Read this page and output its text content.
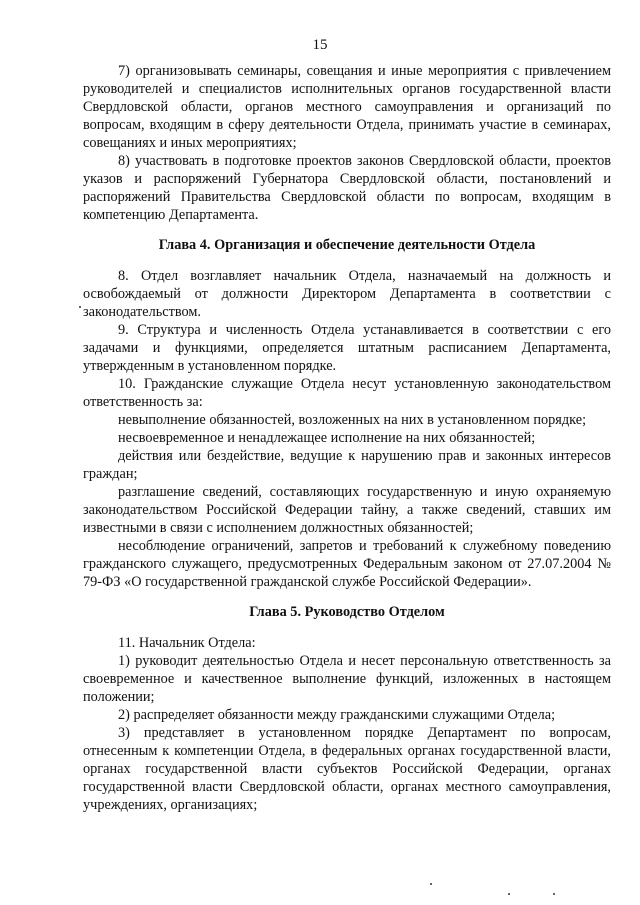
15

7) организовывать семинары, совещания и иные мероприятия с привлечением руководителей и специалистов исполнительных органов государственной власти Свердловской области, органов местного самоуправления и организаций по вопросам, входящим в сферу деятельности Отдела, принимать участие в семинарах, совещаниях и иных мероприятиях;

8) участвовать в подготовке проектов законов Свердловской области, проектов указов и распоряжений Губернатора Свердловской области, постановлений и распоряжений Правительства Свердловской области по вопросам, входящим в компетенцию Департамента.

Глава 4. Организация и обеспечение деятельности Отдела

8. Отдел возглавляет начальник Отдела, назначаемый на должность и освобождаемый от должности Директором Департамента в соответствии с законодательством.

9. Структура и численность Отдела устанавливается в соответствии с его задачами и функциями, определяется штатным расписанием Департамента, утвержденным в установленном порядке.

10. Гражданские служащие Отдела несут установленную законодательством ответственность за:

невыполнение обязанностей, возложенных на них в установленном порядке;

несвоевременное и ненадлежащее исполнение на них обязанностей;

действия или бездействие, ведущие к нарушению прав и законных интересов граждан;

разглашение сведений, составляющих государственную и иную охраняемую законодательством Российской Федерации тайну, а также сведений, ставших им известными в связи с исполнением должностных обязанностей;

несоблюдение ограничений, запретов и требований к служебному поведению гражданского служащего, предусмотренных Федеральным законом от 27.07.2004 № 79-ФЗ «О государственной гражданской службе Российской Федерации».

Глава 5. Руководство Отделом

11. Начальник Отдела:

1) руководит деятельностью Отдела и несет персональную ответственность за своевременное и качественное выполнение функций, изложенных в настоящем положении;

2) распределяет обязанности между гражданскими служащими Отдела;

3) представляет в установленном порядке Департамент по вопросам, отнесенным к компетенции Отдела, в федеральных органах государственной власти, органах государственной власти субъектов Российской Федерации, органах государственной власти Свердловской области, органах местного самоуправления, учреждениях, организациях;
